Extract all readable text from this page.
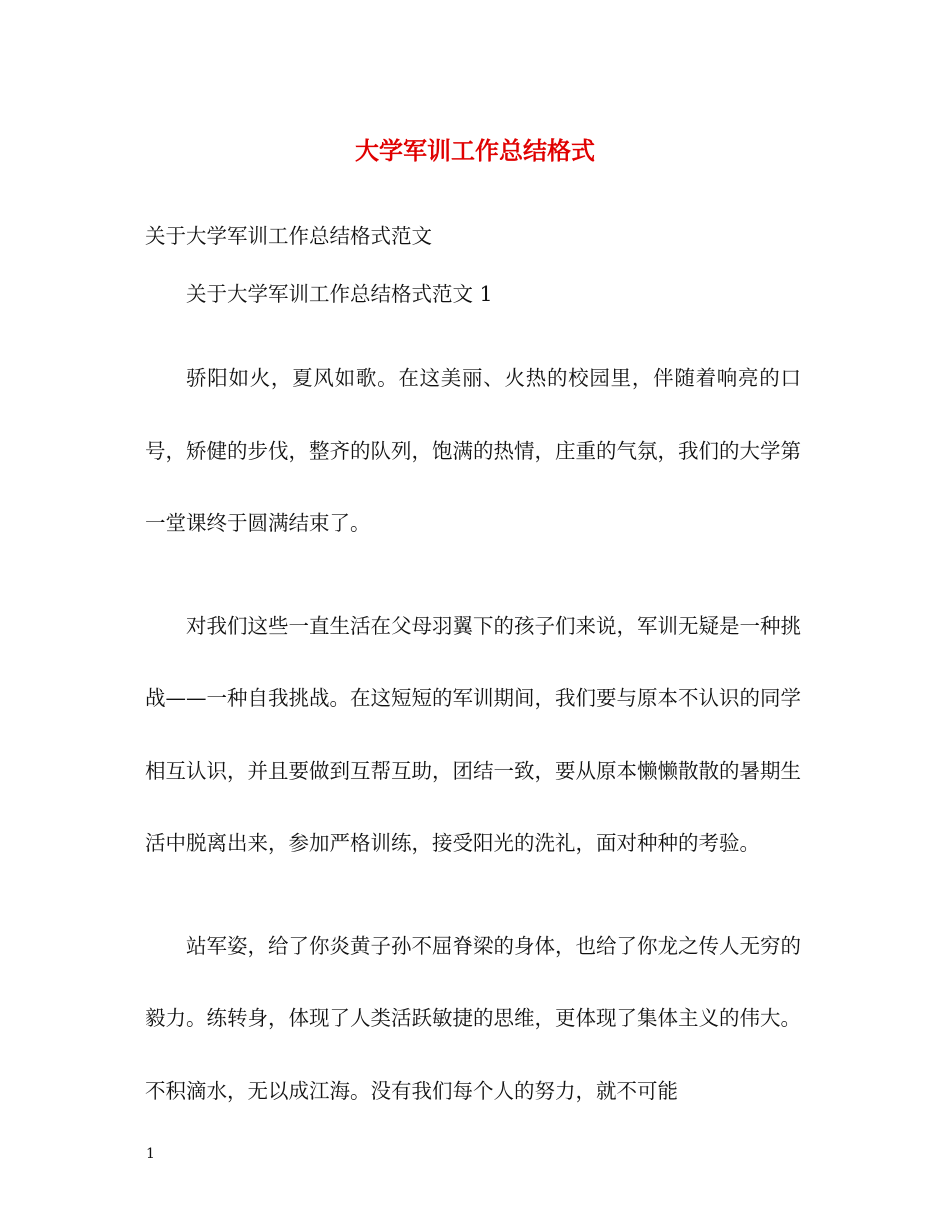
大学军训工作总结格式
关于大学军训工作总结格式范文

关于大学军训工作总结格式范文 1

骄阳如火，夏风如歌。在这美丽、火热的校园里，伴随着响亮的口号，矫健的步伐，整齐的队列，饱满的热情，庄重的气氛，我们的大学第一堂课终于圆满结束了。

对我们这些一直生活在父母羽翼下的孩子们来说，军训无疑是一种挑战——一种自我挑战。在这短短的军训期间，我们要与原本不认识的同学相互认识，并且要做到互帮互助，团结一致，要从原本懒懒散散的暑期生活中脱离出来，参加严格训练，接受阳光的洗礼，面对种种的考验。

站军姿，给了你炎黄子孙不屈脊梁的身体，也给了你龙之传人无穷的毅力。练转身，体现了人类活跃敏捷的思维，更体现了集体主义的伟大。不积滴水，无以成江海。没有我们每个人的努力，就不可能

1
